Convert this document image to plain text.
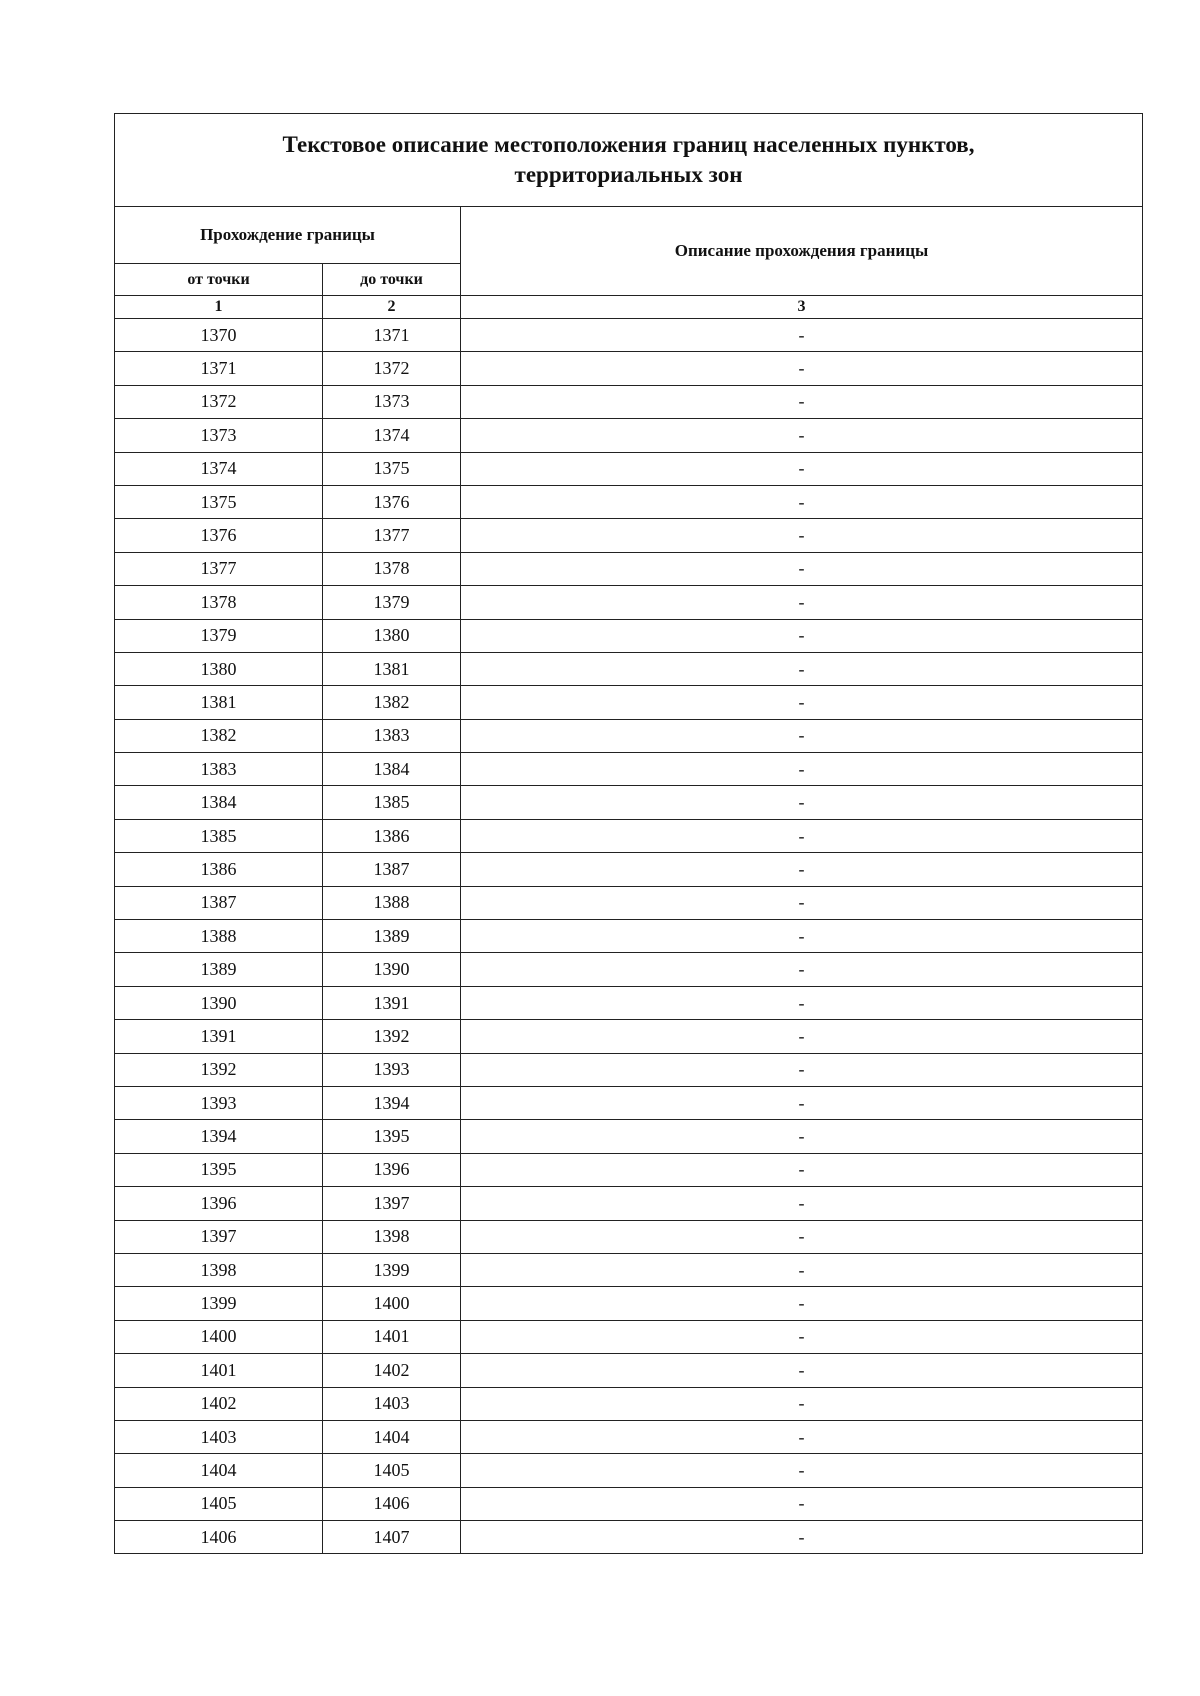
Текстовое описание местоположения границ населенных пунктов,
территориальных зон		

Прохождение границы		Описание прохождения границы
от точки	до точки	
1	2	3
1370	1371	-
1371	1372	-
1372	1373	-
1373	1374	-
1374	1375	-
1375	1376	-
1376	1377	-
1377	1378	-
1378	1379	-
1379	1380	-
1380	1381	-
1381	1382	-
1382	1383	-
1383	1384	-
1384	1385	-
1385	1386	-
1386	1387	-
1387	1388	-
1388	1389	-
1389	1390	-
1390	1391	-
1391	1392	-
1392	1393	-
1393	1394	-
1394	1395	-
1395	1396	-
1396	1397	-
1397	1398	-
1398	1399	-
1399	1400	-
1400	1401	-
1401	1402	-
1402	1403	-
1403	1404	-
1404	1405	-
1405	1406	-
1406	1407	-
